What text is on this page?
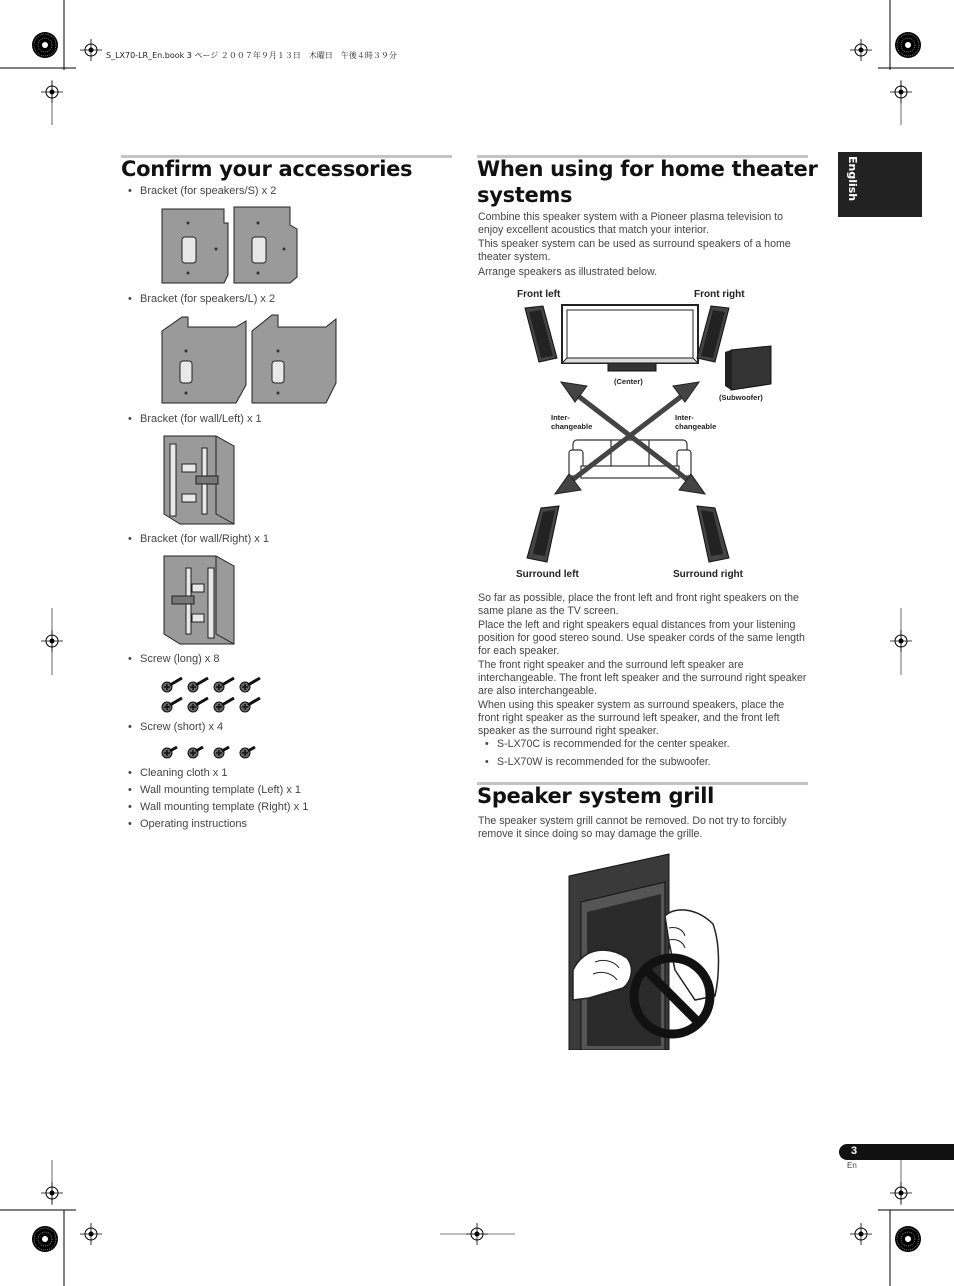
S_LX70-LR_En.book 3 ページ ２００７年９月１３日　木曜日　午後４時３９分
English
Confirm your accessories
• Bracket (for speakers/S) x 2
• Bracket (for speakers/L) x 2
• Bracket (for wall/Left) x 1
• Bracket (for wall/Right) x 1
• Screw (long) x 8
• Screw (short) x 4
• Cleaning cloth x 1
• Wall mounting template (Left) x 1
• Wall mounting template (Right) x 1
• Operating instructions
When using for home theater
systems
Combine this speaker system with a Pioneer plasma television to enjoy excellent acoustics that match your interior.
This speaker system can be used as surround speakers of a home theater system.
Arrange speakers as illustrated below.
Front left	Front right
(Center)
(Subwoofer)
Inter-
changeable
Inter-
changeable
Surround left	Surround right
So far as possible, place the front left and front right speakers on the same plane as the TV screen.
Place the left and right speakers equal distances from your listening position for good stereo sound. Use speaker cords of the same length for each speaker.
The front right speaker and the surround left speaker are interchangeable. The front left speaker and the surround right speaker are also interchangeable.
When using this speaker system as surround speakers, place the front right speaker as the surround left speaker, and the front left speaker as the surround right speaker.
• S-LX70C is recommended for the center speaker.
• S-LX70W is recommended for the subwoofer.
Speaker system grill
The speaker system grill cannot be removed. Do not try to forcibly remove it since doing so may damage the grille.
3
En
